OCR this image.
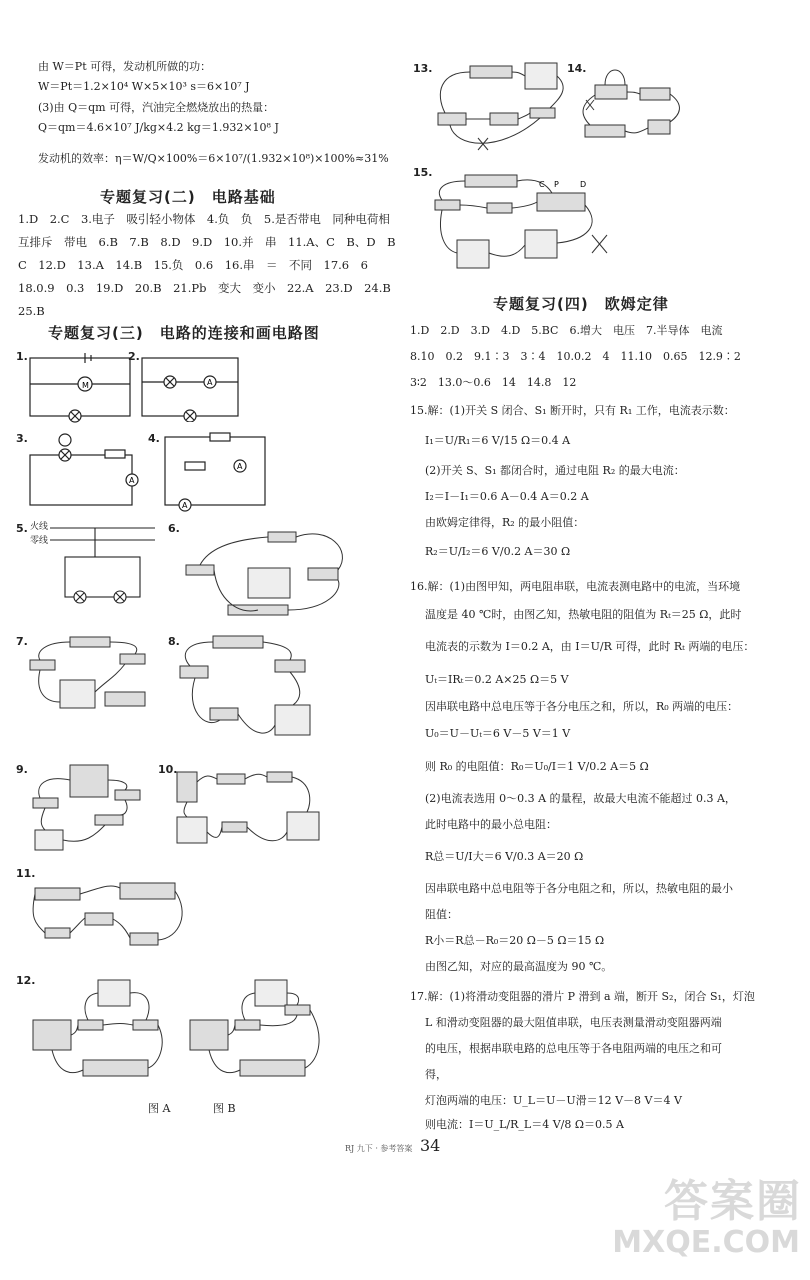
由 W＝Pt 可得，发动机所做的功：
W＝Pt＝1.2×10⁴ W×5×10³ s＝6×10⁷ J
(3)由 Q＝qm 可得，汽油完全燃烧放出的热量：
Q＝qm＝4.6×10⁷ J/kg×4.2 kg＝1.932×10⁸ J
发动机的效率：η＝W/Q×100%＝6×10⁷/(1.932×10⁸)×100%≈31%
专题复习(二)　电路基础
1.D　2.C　3.电子　吸引轻小物体　4.负　负　5.是否带电　同种电荷相互排斥　带电　6.B　7.B　8.D　9.D　10.并　串　11.A、C　B、D　B　C　12.D　13.A　14.B　15.负　0.6　16.串　＝　不同　17.6　6　18.0.9　0.3　19.D　20.B　21.Pb　变大　变小　22.A　23.D　24.B　25.B
专题复习(三)　电路的连接和画电路图
1.
M
2.
A
3.
A
4.
A
A
5. 火线
零线
6.
7.	8.
9.	10.
11.
12.
图 A	图 B
13.	14.
15.
C P	D
专题复习(四)　欧姆定律
1.D　2.D　3.D　4.D　5.BC　6.增大　电压　7.半导体　电流
8.10　0.2　9.1∶3　3∶4　10.0.2　4　11.10　0.65　12.9∶2
3∶2　13.0～0.6　14　14.8　12
15.解：(1)开关 S 闭合、S₁ 断开时，只有 R₁ 工作，电流表示数：
I₁＝U/R₁＝6 V/15 Ω＝0.4 A
(2)开关 S、S₁ 都闭合时，通过电阻 R₂ 的最大电流：
I₂＝I－I₁＝0.6 A－0.4 A＝0.2 A
由欧姆定律得，R₂ 的最小阻值：
R₂＝U/I₂＝6 V/0.2 A＝30 Ω
16.解：(1)由图甲知，两电阻串联，电流表测电路中的电流，当环境
温度是 40 ℃时，由图乙知，热敏电阻的阻值为 Rₜ＝25 Ω，此时
电流表的示数为 I＝0.2 A，由 I＝U/R 可得，此时 Rₜ 两端的电压：
Uₜ＝IRₜ＝0.2 A×25 Ω＝5 V
因串联电路中总电压等于各分电压之和，所以，R₀ 两端的电压：
U₀＝U－Uₜ＝6 V－5 V＝1 V
则 R₀ 的电阻值：R₀＝U₀/I＝1 V/0.2 A＝5 Ω
(2)电流表选用 0～0.3 A 的量程，故最大电流不能超过 0.3 A，
此时电路中的最小总电阻：
R总＝U/I大＝6 V/0.3 A＝20 Ω
因串联电路中总电阻等于各分电阻之和，所以，热敏电阻的最小
阻值：
R小＝R总－R₀＝20 Ω－5 Ω＝15 Ω
由图乙知，对应的最高温度为 90 ℃。
17.解：(1)将滑动变阻器的滑片 P 滑到 a 端，断开 S₂，闭合 S₁，灯泡
L 和滑动变阻器的最大阻值串联，电压表测量滑动变阻器两端
的电压，根据串联电路的总电压等于各电阻两端的电压之和可
得，
灯泡两端的电压：U_L＝U－U滑＝12 V－8 V＝4 V
则电流：I＝U_L/R_L＝4 V/8 Ω＝0.5 A
RJ 九下 · 参考答案 34
答案圈
MXQE.COM
